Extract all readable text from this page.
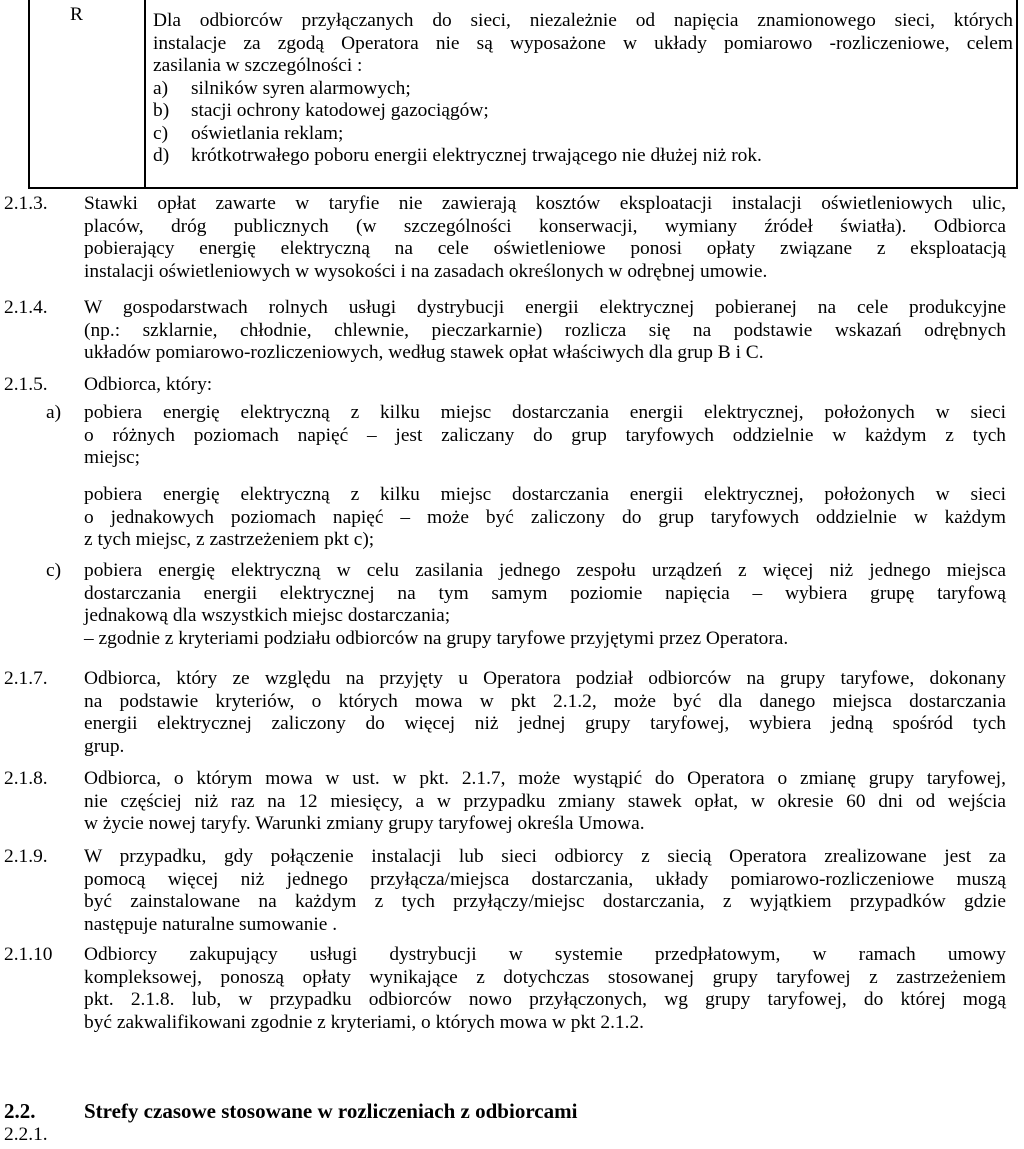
R	Dla odbiorców przyłączanych do sieci, niezależnie od napięcia znamionowego sieci, których
instalacje za zgodą Operatora nie są wyposażone w układy pomiarowo -rozliczeniowe, celem
zasilania w szczególności :
a) silników syren alarmowych;
b) stacji ochrony katodowej gazociągów;
c) oświetlania reklam;
d) krótkotrwałego poboru energii elektrycznej trwającego nie dłużej niż rok.
2.1.3. Stawki opłat zawarte w taryfie nie zawierają kosztów eksploatacji instalacji oświetleniowych ulic,
placów, dróg publicznych (w szczególności konserwacji, wymiany źródeł światła). Odbiorca
pobierający energię elektryczną na cele oświetleniowe ponosi opłaty związane z eksploatacją
instalacji oświetleniowych w wysokości i na zasadach określonych w odrębnej umowie.
2.1.4. W gospodarstwach rolnych usługi dystrybucji energii elektrycznej pobieranej na cele produkcyjne
(np.: szklarnie, chłodnie, chlewnie, pieczarkarnie) rozlicza się na podstawie wskazań odrębnych
układów pomiarowo-rozliczeniowych, według stawek opłat właściwych dla grup B i C.
2.1.5. Odbiorca, który:
a) pobiera energię elektryczną z kilku miejsc dostarczania energii elektrycznej, położonych w sieci
o różnych poziomach napięć – jest zaliczany do grup taryfowych oddzielnie w każdym z tych
miejsc;
pobiera energię elektryczną z kilku miejsc dostarczania energii elektrycznej, położonych w sieci
o jednakowych poziomach napięć – może być zaliczony do grup taryfowych oddzielnie w każdym
z tych miejsc, z zastrzeżeniem pkt c);
c) pobiera energię elektryczną w celu zasilania jednego zespołu urządzeń z więcej niż jednego miejsca
dostarczania energii elektrycznej na tym samym poziomie napięcia – wybiera grupę taryfową
jednakową dla wszystkich miejsc dostarczania;
– zgodnie z kryteriami podziału odbiorców na grupy taryfowe przyjętymi przez Operatora.
2.1.7. Odbiorca, który ze względu na przyjęty u Operatora podział odbiorców na grupy taryfowe, dokonany
na podstawie kryteriów, o których mowa w pkt 2.1.2, może być dla danego miejsca dostarczania
energii elektrycznej zaliczony do więcej niż jednej grupy taryfowej, wybiera jedną spośród tych
grup.
2.1.8. Odbiorca, o którym mowa w ust. w pkt. 2.1.7, może wystąpić do Operatora o zmianę grupy taryfowej,
nie częściej niż raz na 12 miesięcy, a w przypadku zmiany stawek opłat, w okresie 60 dni od wejścia
w życie nowej taryfy. Warunki zmiany grupy taryfowej określa Umowa.
2.1.9. W przypadku, gdy połączenie instalacji lub sieci odbiorcy z siecią Operatora zrealizowane jest za
pomocą więcej niż jednego przyłącza/miejsca dostarczania, układy pomiarowo-rozliczeniowe muszą
być zainstalowane na każdym z tych przyłączy/miejsc dostarczania, z wyjątkiem przypadków gdzie
następuje naturalne sumowanie .
2.1.10 Odbiorcy zakupujący usługi dystrybucji w systemie przedpłatowym, w ramach umowy
kompleksowej, ponoszą opłaty wynikające z dotychczas stosowanej grupy taryfowej z zastrzeżeniem
pkt. 2.1.8. lub, w przypadku odbiorców nowo przyłączonych, wg grupy taryfowej, do której mogą
być zakwalifikowani zgodnie z kryteriami, o których mowa w pkt 2.1.2.
2.2. Strefy czasowe stosowane w rozliczeniach z odbiorcami
2.2.1.
